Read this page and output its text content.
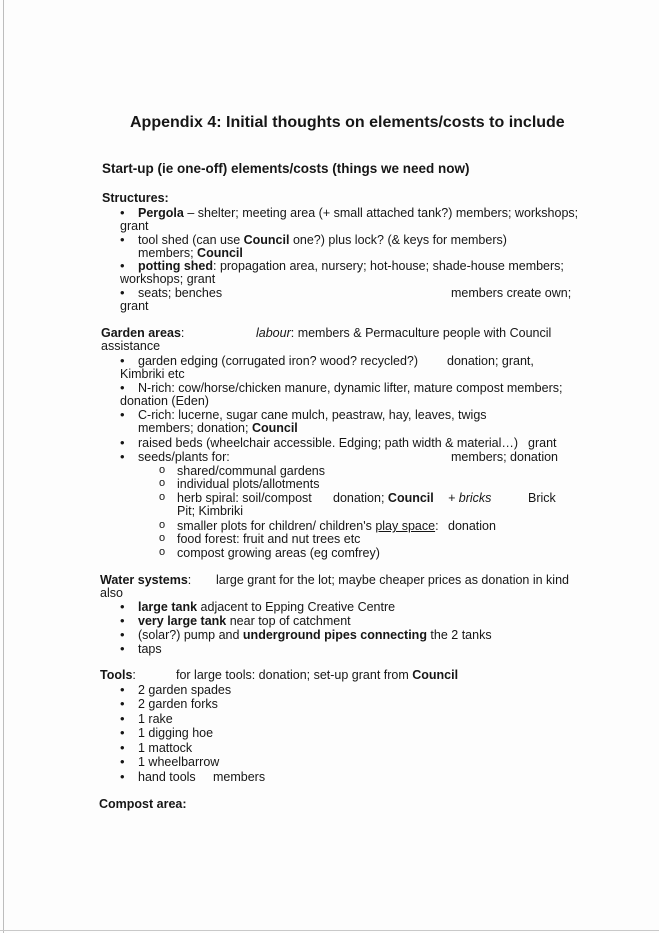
Appendix 4: Initial thoughts on elements/costs to include
Start-up (ie one-off) elements/costs (things we need now)
Structures:
• Pergola – shelter; meeting area (+ small attached tank?) members; workshops;
grant
• tool shed (can use Council one?) plus lock? (& keys for members)
members; Council
• potting shed: propagation area, nursery; hot-house; shade-house members;
workshops; grant
• seats; benches	members create own;
grant
Garden areas:	labour: members & Permaculture people with Council
assistance
• garden edging (corrugated iron? wood? recycled?) donation; grant,
Kimbriki etc
• N-rich: cow/horse/chicken manure, dynamic lifter, mature compost members;
donation (Eden)
• C-rich: lucerne, sugar cane mulch, peastraw, hay, leaves, twigs
members; donation; Council
• raised beds (wheelchair accessible. Edging; path width & material…) grant
• seeds/plants for:	members; donation
o shared/communal gardens
o individual plots/allotments
o herb spiral: soil/compost donation; Council + bricks	Brick
Pit; Kimbriki
o smaller plots for children/ children's play space: donation
o food forest: fruit and nut trees etc
o compost growing areas (eg comfrey)
Water systems: large grant for the lot; maybe cheaper prices as donation in kind
also
• large tank adjacent to Epping Creative Centre
• very large tank near top of catchment
• (solar?) pump and underground pipes connecting the 2 tanks
• taps
Tools:	for large tools: donation; set-up grant from Council
• 2 garden spades
• 2 garden forks
• 1 rake
• 1 digging hoe
• 1 mattock
• 1 wheelbarrow
• hand tools members
Compost area:
